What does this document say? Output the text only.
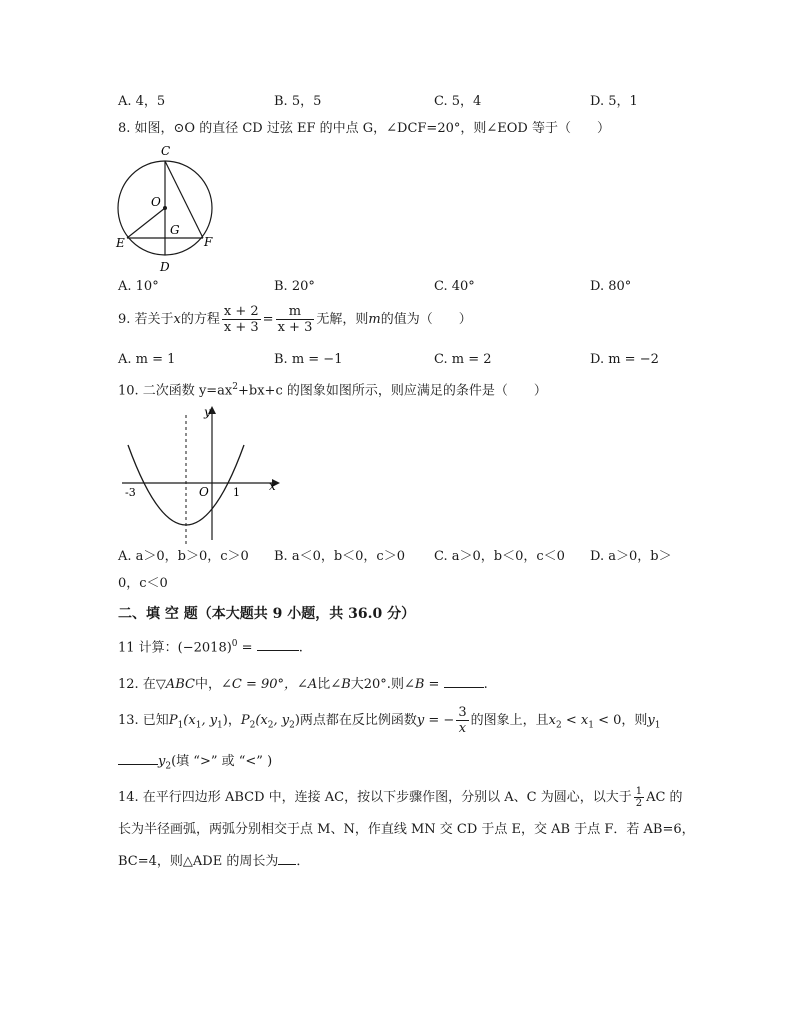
A. 4，5	B. 5，5	C. 5，4	D. 5，1
8. 如图，⊙O 的直径 CD 过弦 EF 的中点 G，∠DCF=20°，则∠EOD 等于（　　）
C
O
G
E	F
D
A. 10°	B. 20°	C. 40°	D. 80°
9. 若关于x的方程 $\frac{x + 2}{x + 3} = \frac{m}{x + 3}$ 无解，则m的值为（　　）
A. m = 1	B. m = −1	C. m = 2	D. m = −2
10. 二次函数 $y=ax^2+bx+c$ 的图象如图所示，则应满足的条件是（　　）
y
x
O
-3	1
A. a＞0，b＞0，c＞0 B. a＜0，b＜0，c＞0 C. a＞0，b＜0，c＜0 D. a＞0，b＞
0，c＜0
二、填 空 题（本大题共 9 小题，共 36.0 分）
11 计算：$(-2018)^0$ =	.
12. 在▽ABC中，∠C = 90°，∠A比∠B大20°.则∠B =	.
13. 已知$P_1(x_1$, $y_1$)，$P_2(x_2$, $y_2$)两点都在反比例函数y = − $\frac{3}{x}$ 的图象上，且$x_2 < x_1 < 0$，则$y_1$
$y_2$(填 “>” 或 “<” )
14. 在平行四边形 ABCD 中，连接 AC，按以下步骤作图，分别以 A、C 为圆心，以大于 $\frac{1}{2}$ AC 的
长为半径画弧，两弧分别相交于点 M、N，作直线 MN 交 CD 于点 E，交 AB 于点 F．若 AB=6，
BC=4，则△ADE 的周长为 ．
